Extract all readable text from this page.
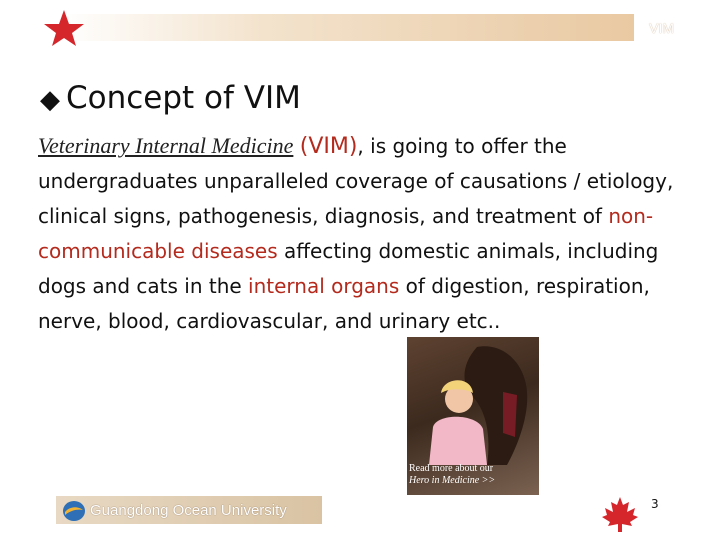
VIM
◆ Concept of VIM
Veterinary Internal Medicine (VIM), is going to offer the undergraduates unparalleled coverage of causations / etiology, clinical signs, pathogenesis, diagnosis, and treatment of non-communicable diseases affecting domestic animals, including dogs and cats in the internal organs of digestion, respiration, nerve, blood, cardiovascular, and urinary etc..
Read more about our
Hero in Medicine >>
Guangdong Ocean University	3
